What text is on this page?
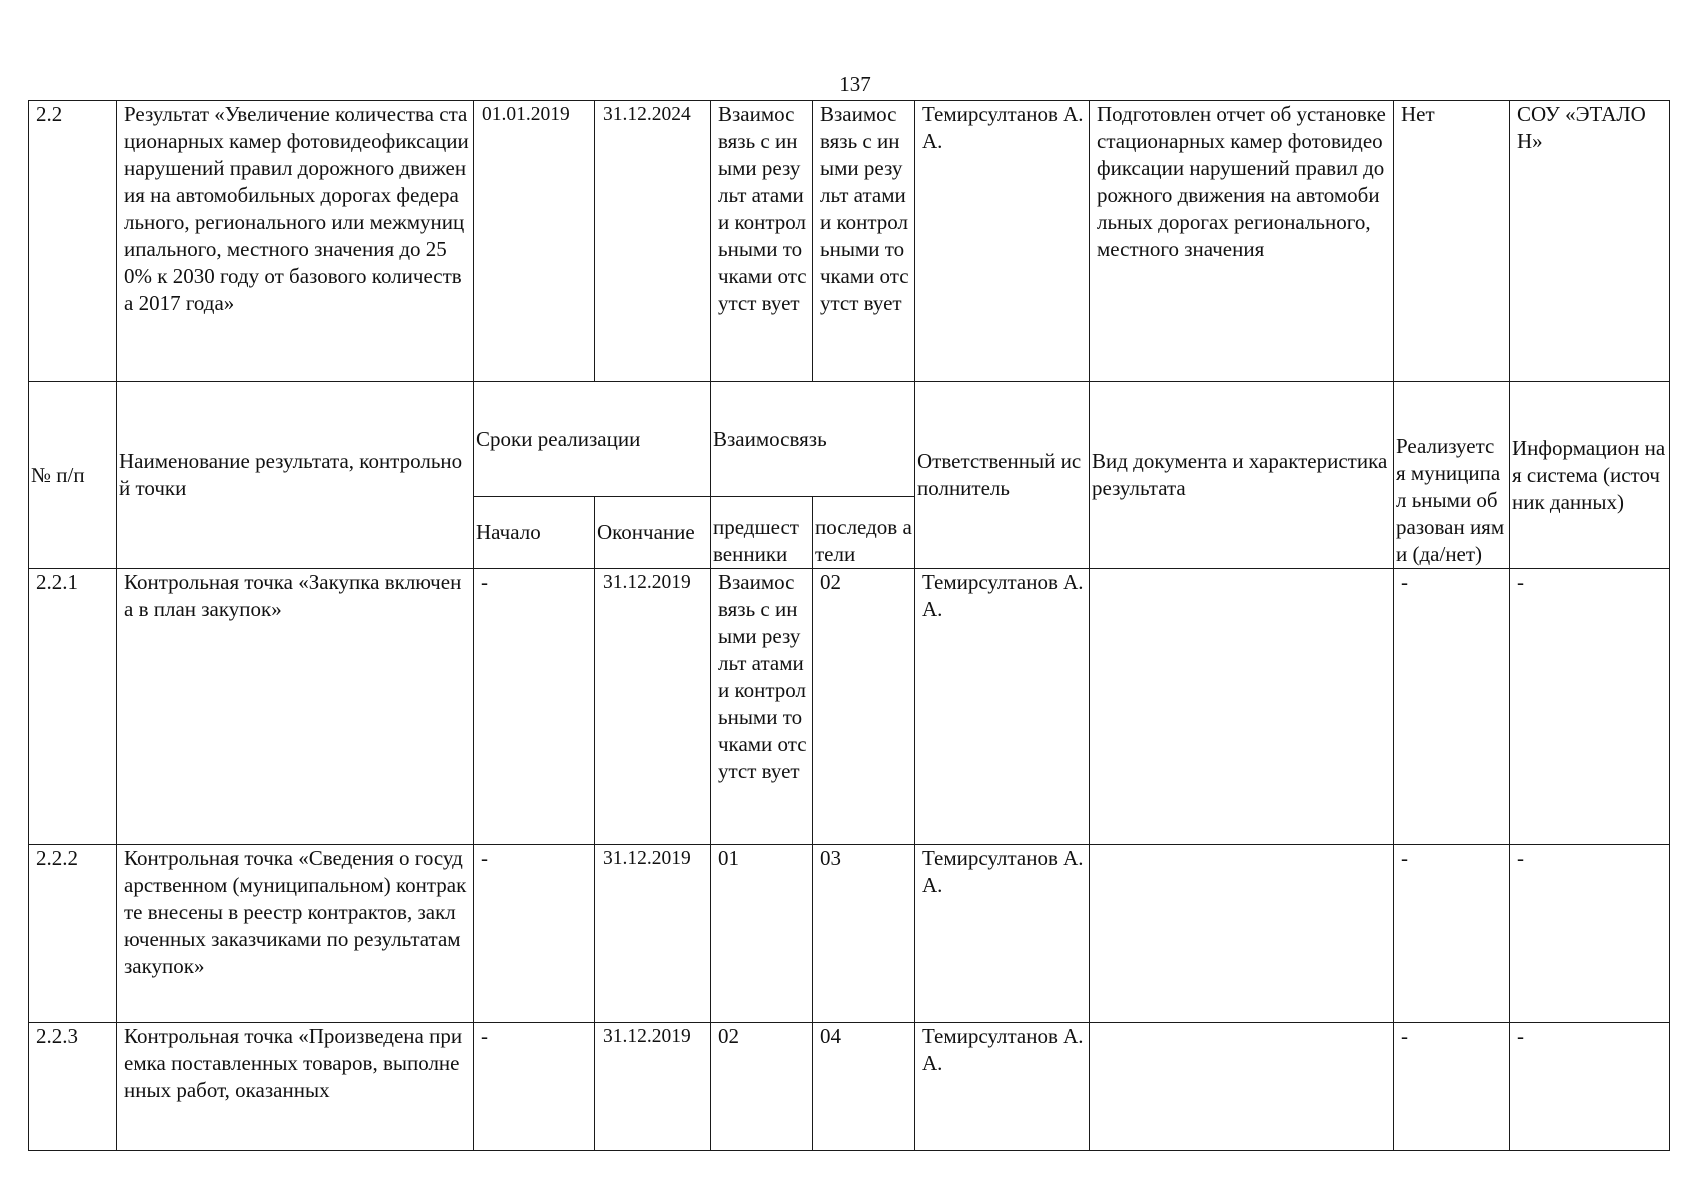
137
2.2	Результат «Увеличение количества стационарных камер фотовидеофиксации нарушений правил дорожного движения на автомобильных дорогах федерального, регионального или межмуниципального, местного значения до 250% к 2030 году от базового количества 2017 года»	01.01.2019	31.12.2024	Взаимос вязь с иными результ атами и контрол ьными точками отсутст вует	Взаимос вязь с иными результ атами и контрол ьными точками отсутст вует	Темирсултанов А.А.	Подготовлен отчет об установке стационарных камер фотовидеофиксации нарушений правил дорожного движения на автомобильных дорогах регионального, местного значения	Нет	СОУ «ЭТАЛОН»
№ п/п	Наименование результата, контрольной точки	Сроки реализации		Взаимосвязь		Ответственный исполнитель	Вид документа и характеристика результата	Реализуетс я муниципал ьными образован иями (да/нет)	Информацион ная система (источник данных)
		Начало	Окончание	предшест венники	последов атели				
2.2.1	Контрольная точка «Закупка включена в план закупок»	-	31.12.2019	Взаимос вязь с иными результ атами и контрол ьными точками отсутст вует	02	Темирсултанов А.А.		-	-
2.2.2	Контрольная точка «Сведения о государственном (муниципальном) контракте внесены в реестр контрактов, заключенных заказчиками по результатам закупок»	-	31.12.2019	01	03	Темирсултанов А.А.		-	-
2.2.3	Контрольная точка «Произведена приемка поставленных товаров, выполненных работ, оказанных	-	31.12.2019	02	04	Темирсултанов А.А.		-	-
